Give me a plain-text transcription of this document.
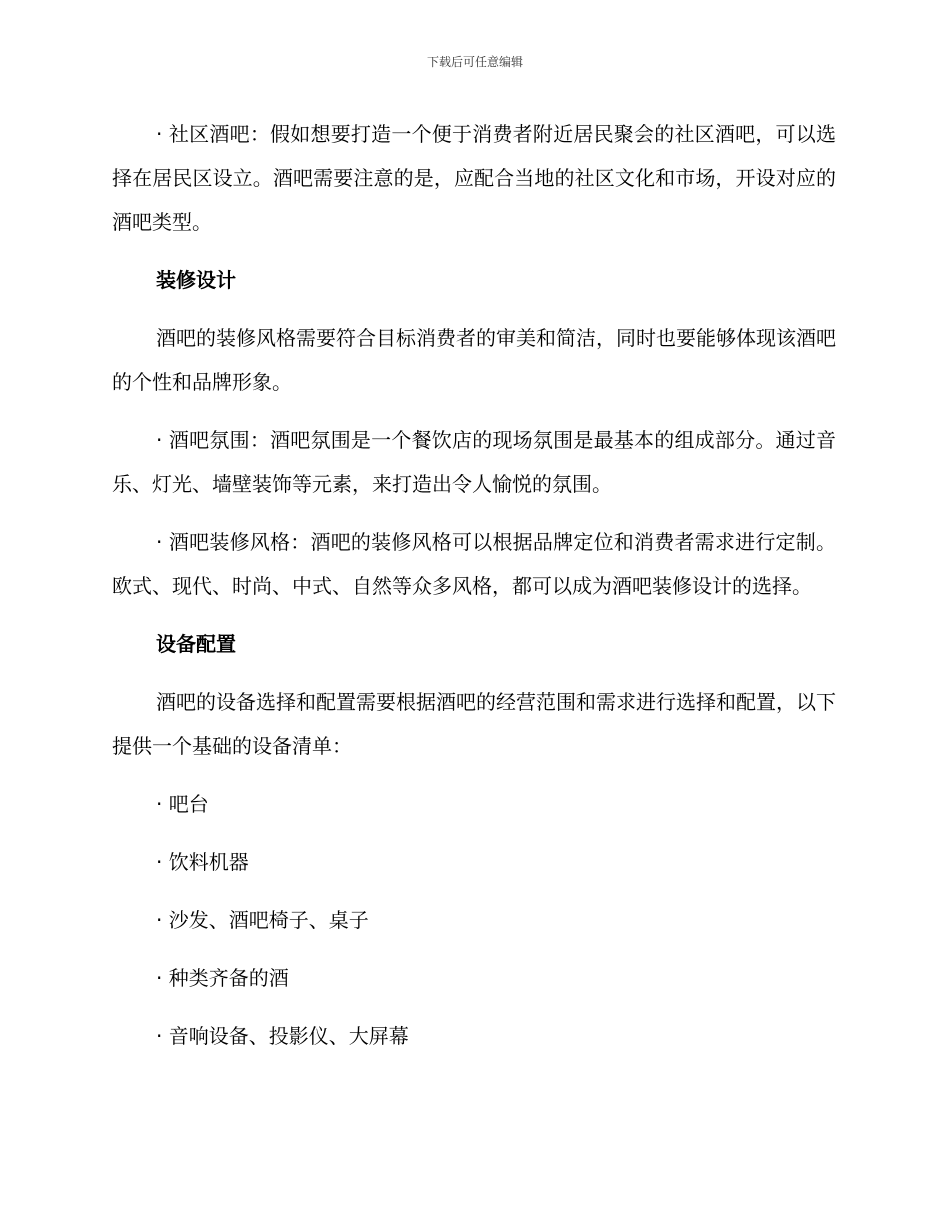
下载后可任意编辑

· 社区酒吧：假如想要打造一个便于消费者附近居民聚会的社区酒吧，可以选择在居民区设立。酒吧需要注意的是，应配合当地的社区文化和市场，开设对应的酒吧类型。

装修设计

酒吧的装修风格需要符合目标消费者的审美和简洁，同时也要能够体现该酒吧的个性和品牌形象。

· 酒吧氛围：酒吧氛围是一个餐饮店的现场氛围是最基本的组成部分。通过音乐、灯光、墙壁装饰等元素，来打造出令人愉悦的氛围。

· 酒吧装修风格：酒吧的装修风格可以根据品牌定位和消费者需求进行定制。欧式、现代、时尚、中式、自然等众多风格，都可以成为酒吧装修设计的选择。

设备配置

酒吧的设备选择和配置需要根据酒吧的经营范围和需求进行选择和配置，以下提供一个基础的设备清单：

· 吧台

· 饮料机器

· 沙发、酒吧椅子、桌子

· 种类齐备的酒

· 音响设备、投影仪、大屏幕
